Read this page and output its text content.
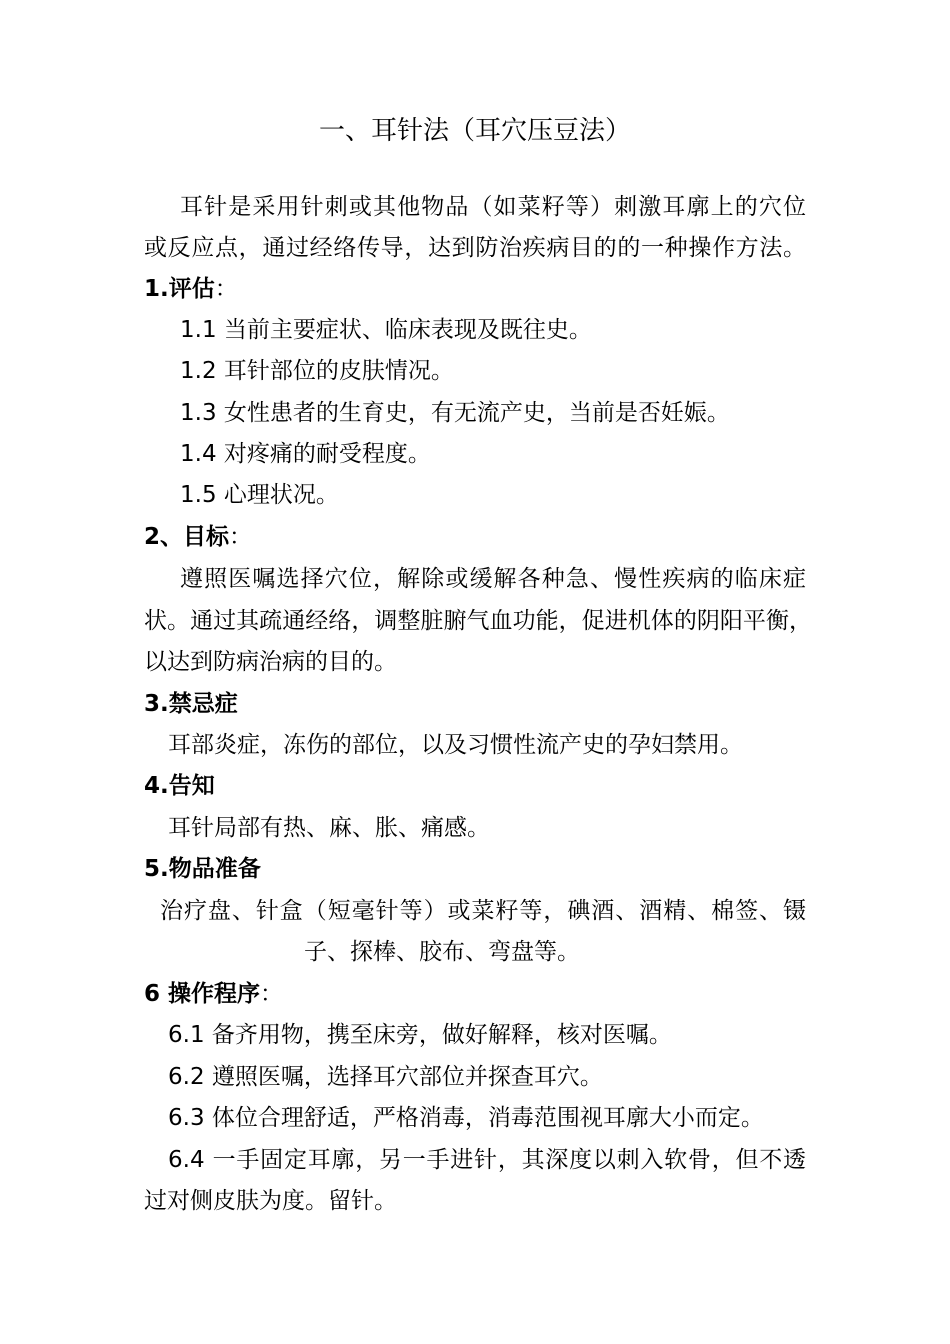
一、耳针法（耳穴压豆法）
耳针是采用针刺或其他物品（如菜籽等）刺激耳廓上的穴位
或反应点，通过经络传导，达到防治疾病目的的一种操作方法。
1.评估：
1.1 当前主要症状、临床表现及既往史。
1.2 耳针部位的皮肤情况。
1.3 女性患者的生育史，有无流产史，当前是否妊娠。
1.4 对疼痛的耐受程度。
1.5 心理状况。
2、目标：
遵照医嘱选择穴位，解除或缓解各种急、慢性疾病的临床症
状。通过其疏通经络，调整脏腑气血功能，促进机体的阴阳平衡，
以达到防病治病的目的。
3.禁忌症
耳部炎症，冻伤的部位，以及习惯性流产史的孕妇禁用。
4.告知
耳针局部有热、麻、胀、痛感。
5.物品准备
治疗盘、针盒（短毫针等）或菜籽等，碘酒、酒精、棉签、镊
子、探棒、胶布、弯盘等。
6 操作程序：
6.1 备齐用物，携至床旁，做好解释，核对医嘱。
6.2 遵照医嘱，选择耳穴部位并探查耳穴。
6.3 体位合理舒适，严格消毒，消毒范围视耳廓大小而定。
6.4 一手固定耳廓，另一手进针，其深度以刺入软骨，但不透
过对侧皮肤为度。留针。
